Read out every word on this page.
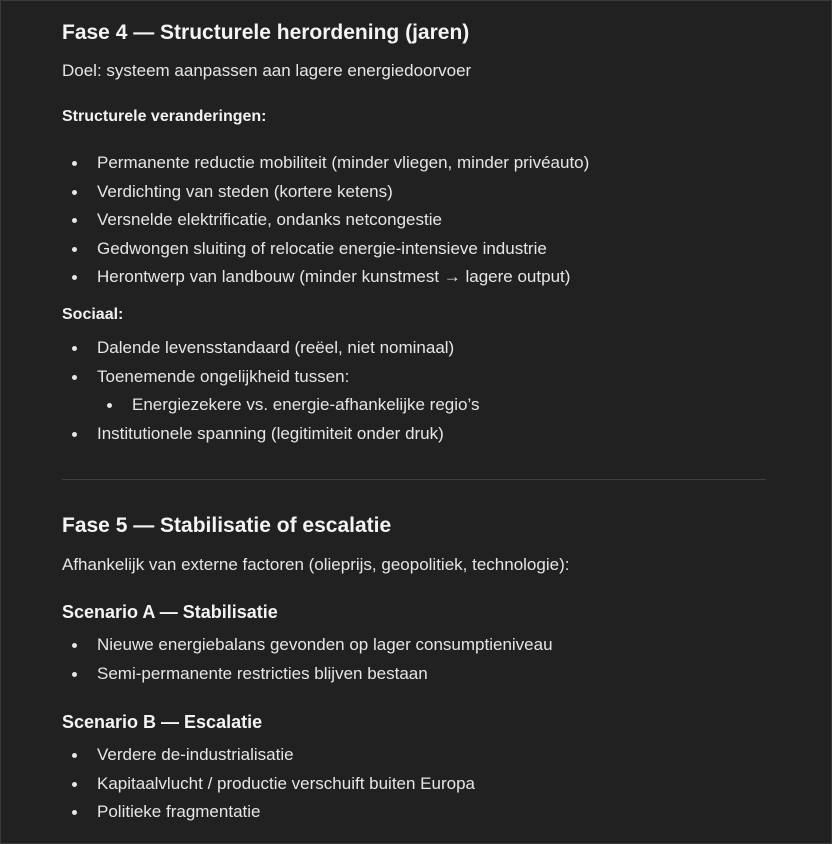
Fase 4 — Structurele herordening (jaren)

Doel: systeem aanpassen aan lagere energiedoorvoer

Structurele veranderingen:

Permanente reductie mobiliteit (minder vliegen, minder privéauto)
Verdichting van steden (kortere ketens)
Versnelde elektrificatie, ondanks netcongestie
Gedwongen sluiting of relocatie energie-intensieve industrie
Herontwerp van landbouw (minder kunstmest → lagere output)

Sociaal:

Dalende levensstandaard (reëel, niet nominaal)
Toenemende ongelijkheid tussen:
Energiezekere vs. energie-afhankelijke regio’s
Institutionele spanning (legitimiteit onder druk)
Fase 5 — Stabilisatie of escalatie

Afhankelijk van externe factoren (olieprijs, geopolitiek, technologie):

Scenario A — Stabilisatie
Nieuwe energiebalans gevonden op lager consumptieniveau
Semi-permanente restricties blijven bestaan
Scenario B — Escalatie
Verdere de-industrialisatie
Kapitaalvlucht / productie verschuift buiten Europa
Politieke fragmentatie
